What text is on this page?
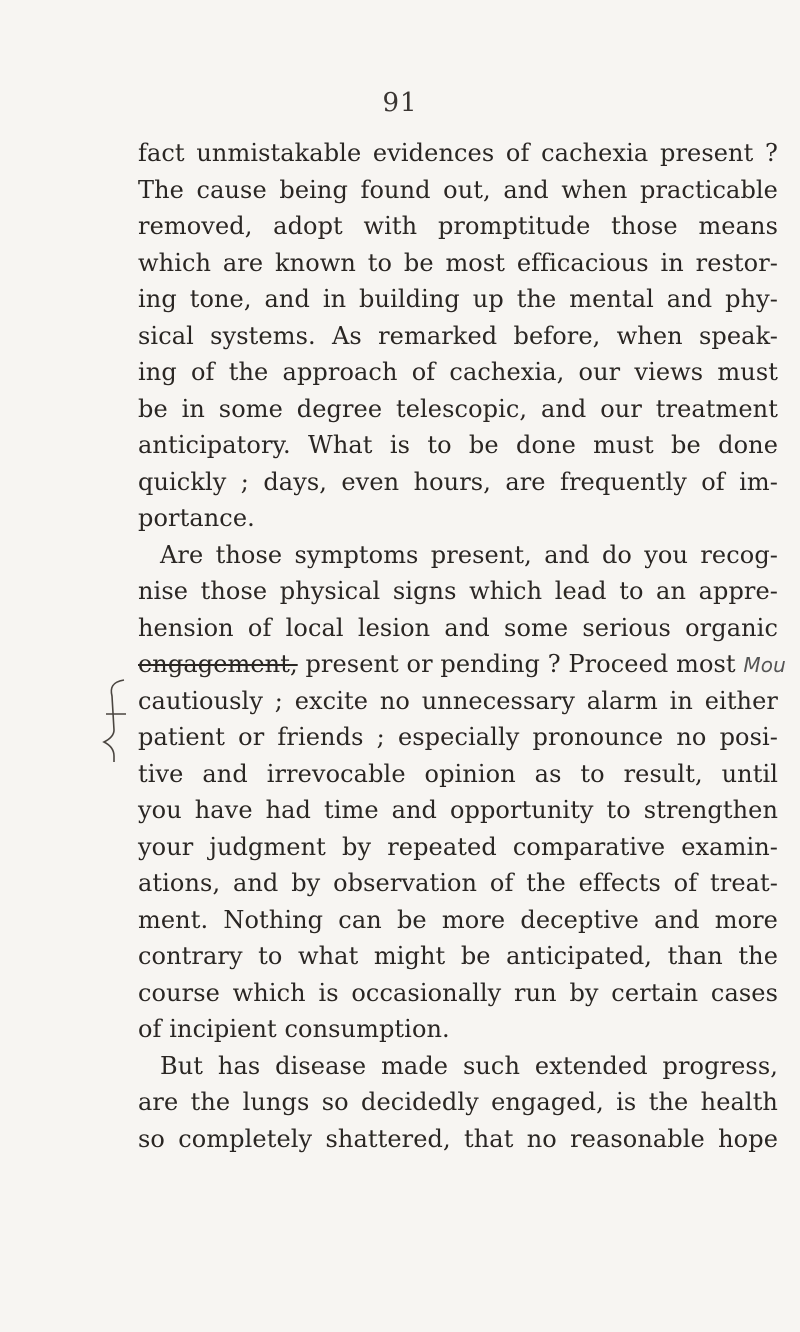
91
fact unmistakable evidences of cachexia present ?
The cause being found out, and when practicable
removed, adopt with promptitude those means
which are known to be most efficacious in restor-
ing tone, and in building up the mental and phy-
sical systems. As remarked before, when speak-
ing of the approach of cachexia, our views must
be in some degree telescopic, and our treatment
anticipatory. What is to be done must be done
quickly ; days, even hours, are frequently of im-
portance.
Are those symptoms present, and do you recog-
nise those physical signs which lead to an appre-
hension of local lesion and some serious organic
engagement, present or pending ? Proceed most Mou
cautiously ; excite no unnecessary alarm in either
patient or friends ; especially pronounce no posi-
tive and irrevocable opinion as to result, until
you have had time and opportunity to strengthen
your judgment by repeated comparative examin-
ations, and by observation of the effects of treat-
ment. Nothing can be more deceptive and more
contrary to what might be anticipated, than the
course which is occasionally run by certain cases
of incipient consumption.
But has disease made such extended progress,
are the lungs so decidedly engaged, is the health
so completely shattered, that no reasonable hope
